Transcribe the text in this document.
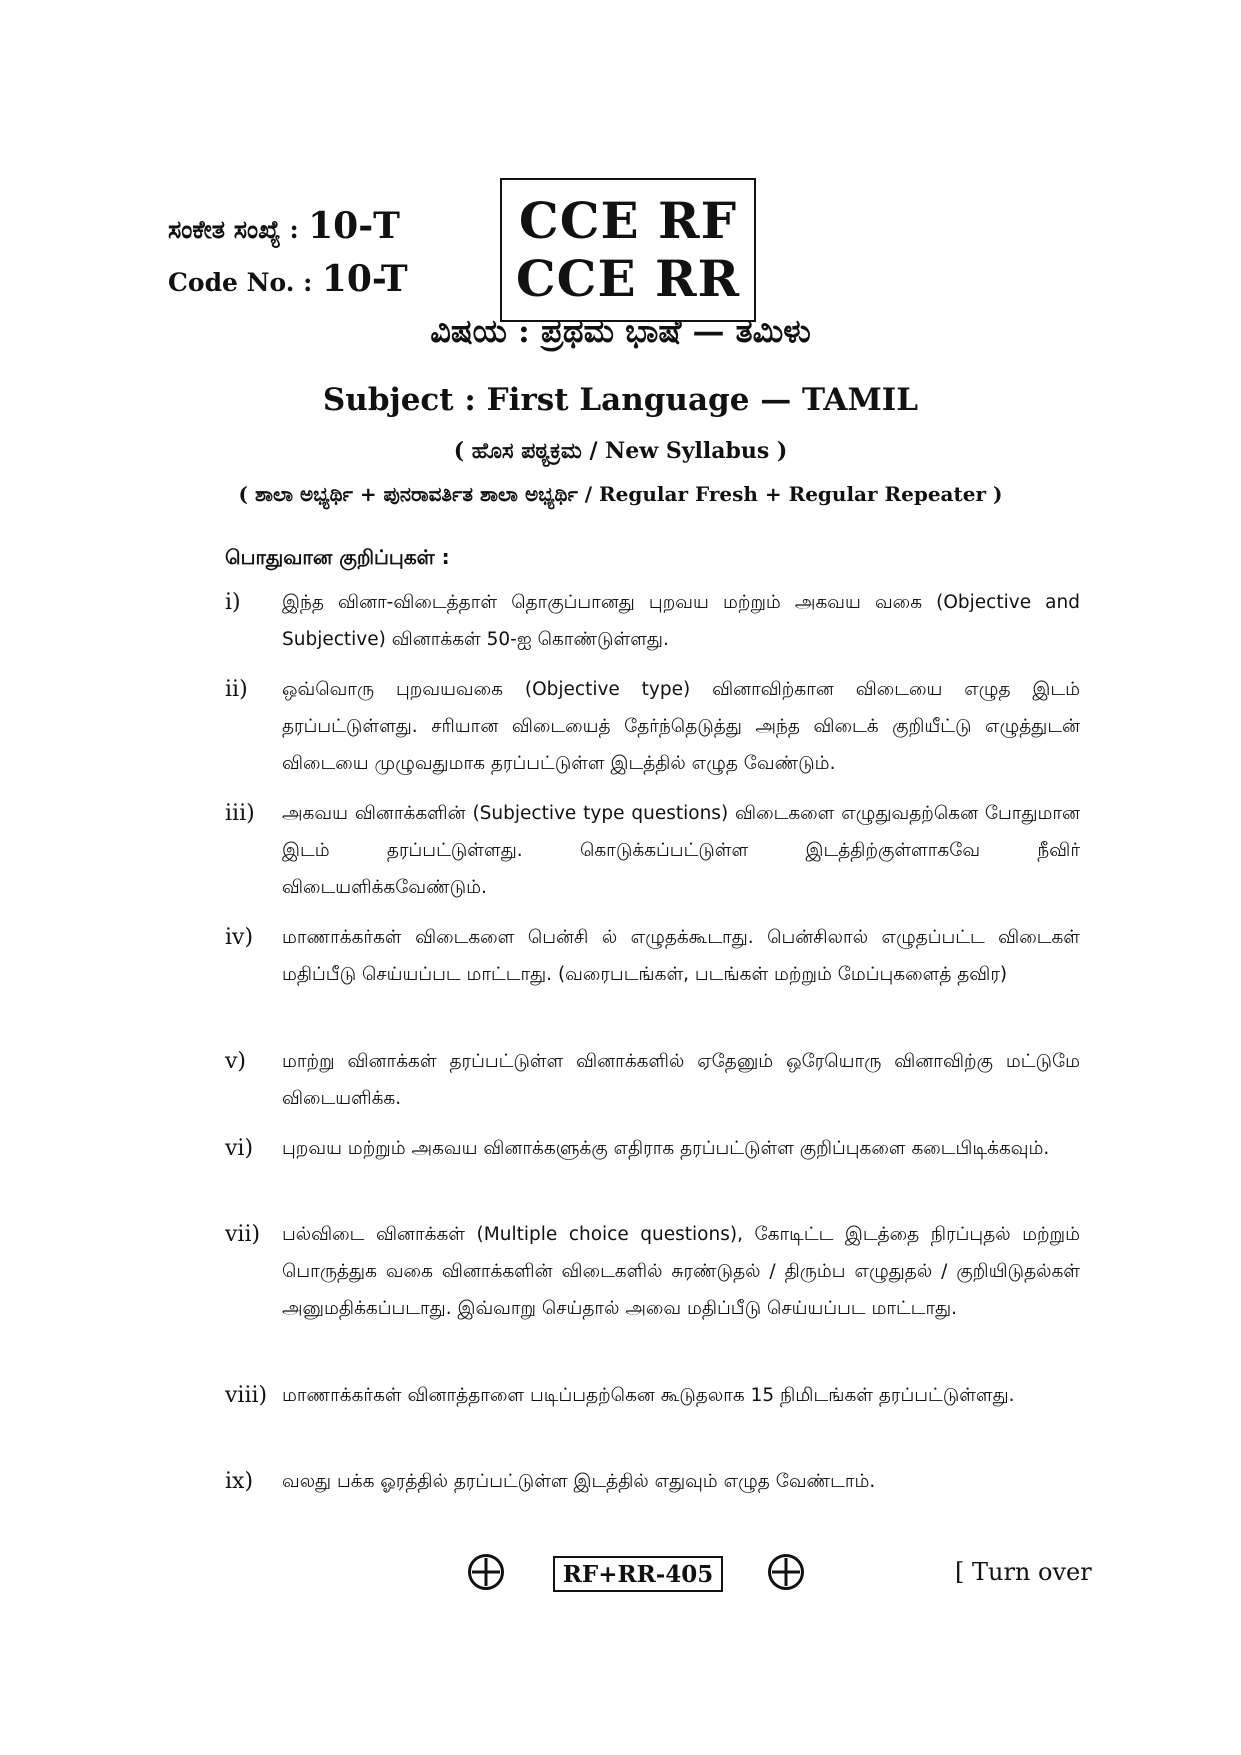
ಸಂಕೇತ ಸಂಖ್ಯೆ : 10-T
Code No. : 10-T
CCE RF
CCE RR
ವಿಷಯ : ಪ್ರಥಮ ಭಾಷೆ — ತಮಿಳು
Subject : First Language — TAMIL
( ಹೊಸ ಪಠ್ಯಕ್ರಮ / New Syllabus )
( ಶಾಲಾ ಅಭ್ಯರ್ಥಿ + ಪುನರಾವರ್ತಿತ ಶಾಲಾ ಅಭ್ಯರ್ಥಿ / Regular Fresh + Regular Repeater )
பொதுவான குறிப்புகள் :
i)	இந்த வினா-விடைத்தாள் தொகுப்பானது புறவய மற்றும் அகவய வகை (Objective and Subjective) வினாக்கள் 50-ஐ கொண்டுள்ளது.
ii)	ஒவ்வொரு புறவயவகை (Objective type) வினாவிற்கான விடையை எழுத இடம் தரப்பட்டுள்ளது. சரியான விடையைத் தேர்ந்தெடுத்து அந்த விடைக் குறியீட்டு எழுத்துடன் விடையை முழுவதுமாக தரப்பட்டுள்ள இடத்தில் எழுத வேண்டும்.
iii)	அகவய வினாக்களின் (Subjective type questions) விடைகளை எழுதுவதற்கென போதுமான இடம் தரப்பட்டுள்ளது. கொடுக்கப்பட்டுள்ள இடத்திற்குள்ளாகவே நீவிர் விடையளிக்கவேண்டும்.
iv)	மாணாக்கர்கள் விடைகளை பென்சி ல் எழுதக்கூடாது. பென்சிலால் எழுதப்பட்ட விடைகள் மதிப்பீடு செய்யப்பட மாட்டாது. (வரைபடங்கள், படங்கள் மற்றும் மேப்புகளைத் தவிர)
v)	மாற்று வினாக்கள் தரப்பட்டுள்ள வினாக்களில் ஏதேனும் ஒரேயொரு வினாவிற்கு மட்டுமே விடையளிக்க.
vi)	புறவய மற்றும் அகவய வினாக்களுக்கு எதிராக தரப்பட்டுள்ள குறிப்புகளை கடைபிடிக்கவும்.
vii)	பல்விடை வினாக்கள் (Multiple choice questions), கோடிட்ட இடத்தை நிரப்புதல் மற்றும் பொருத்துக வகை வினாக்களின் விடைகளில் சுரண்டுதல் / திரும்ப எழுதுதல் / குறியிடுதல்கள் அனுமதிக்கப்படாது. இவ்வாறு செய்தால் அவை மதிப்பீடு செய்யப்பட மாட்டாது.
viii) மாணாக்கர்கள் வினாத்தாளை படிப்பதற்கென கூடுதலாக 15 நிமிடங்கள் தரப்பட்டுள்ளது.
ix)	வலது பக்க ஓரத்தில் தரப்பட்டுள்ள இடத்தில் எதுவும் எழுத வேண்டாம்.
RF+RR-405	[ Turn over
